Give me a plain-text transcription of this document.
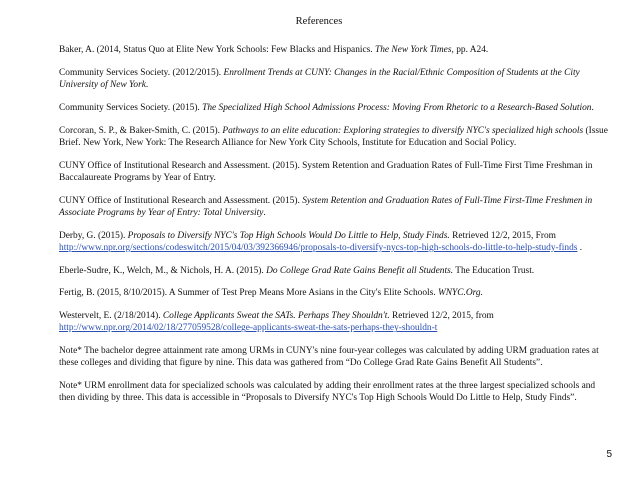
References

Baker, A. (2014, Status Quo at Elite New York Schools: Few Blacks and Hispanics. The New York Times, pp. A24.

Community Services Society. (2012/2015). Enrollment Trends at CUNY: Changes in the Racial/Ethnic Composition of Students at the City University of New York.

Community Services Society. (2015). The Specialized High School Admissions Process: Moving From Rhetoric to a Research-Based Solution.

Corcoran, S. P., & Baker-Smith, C. (2015). Pathways to an elite education: Exploring strategies to diversify NYC's specialized high schools (Issue Brief. New York, New York: The Research Alliance for New York City Schools, Institute for Education and Social Policy.

CUNY Office of Institutional Research and Assessment. (2015). System Retention and Graduation Rates of Full-Time First Time Freshman in Baccalaureate Programs by Year of Entry.

CUNY Office of Institutional Research and Assessment. (2015). System Retention and Graduation Rates of Full-Time First-Time Freshmen in Associate Programs by Year of Entry: Total University.

Derby, G. (2015). Proposals to Diversify NYC's Top High Schools Would Do Little to Help, Study Finds. Retrieved 12/2, 2015, From http://www.npr.org/sections/codeswitch/2015/04/03/392366946/proposals-to-diversify-nycs-top-high-schools-do-little-to-help-study-finds .

Eberle-Sudre, K., Welch, M., & Nichols, H. A. (2015). Do College Grad Rate Gains Benefit all Students. The Education Trust.

Fertig, B. (2015, 8/10/2015). A Summer of Test Prep Means More Asians in the City's Elite Schools. WNYC.Org.

Westervelt, E. (2/18/2014). College Applicants Sweat the SATs. Perhaps They Shouldn't. Retrieved 12/2, 2015, from
http://www.npr.org/2014/02/18/277059528/college-applicants-sweat-the-sats-perhaps-they-shouldn-t

Note* The bachelor degree attainment rate among URMs in CUNY's nine four-year colleges was calculated by adding URM graduation rates at these colleges and dividing that figure by nine. This data was gathered from “Do College Grad Rate Gains Benefit All Students”.

Note* URM enrollment data for specialized schools was calculated by adding their enrollment rates at the three largest specialized schools and then dividing by three. This data is accessible in “Proposals to Diversify NYC's Top High Schools Would Do Little to Help, Study Finds”.

5
